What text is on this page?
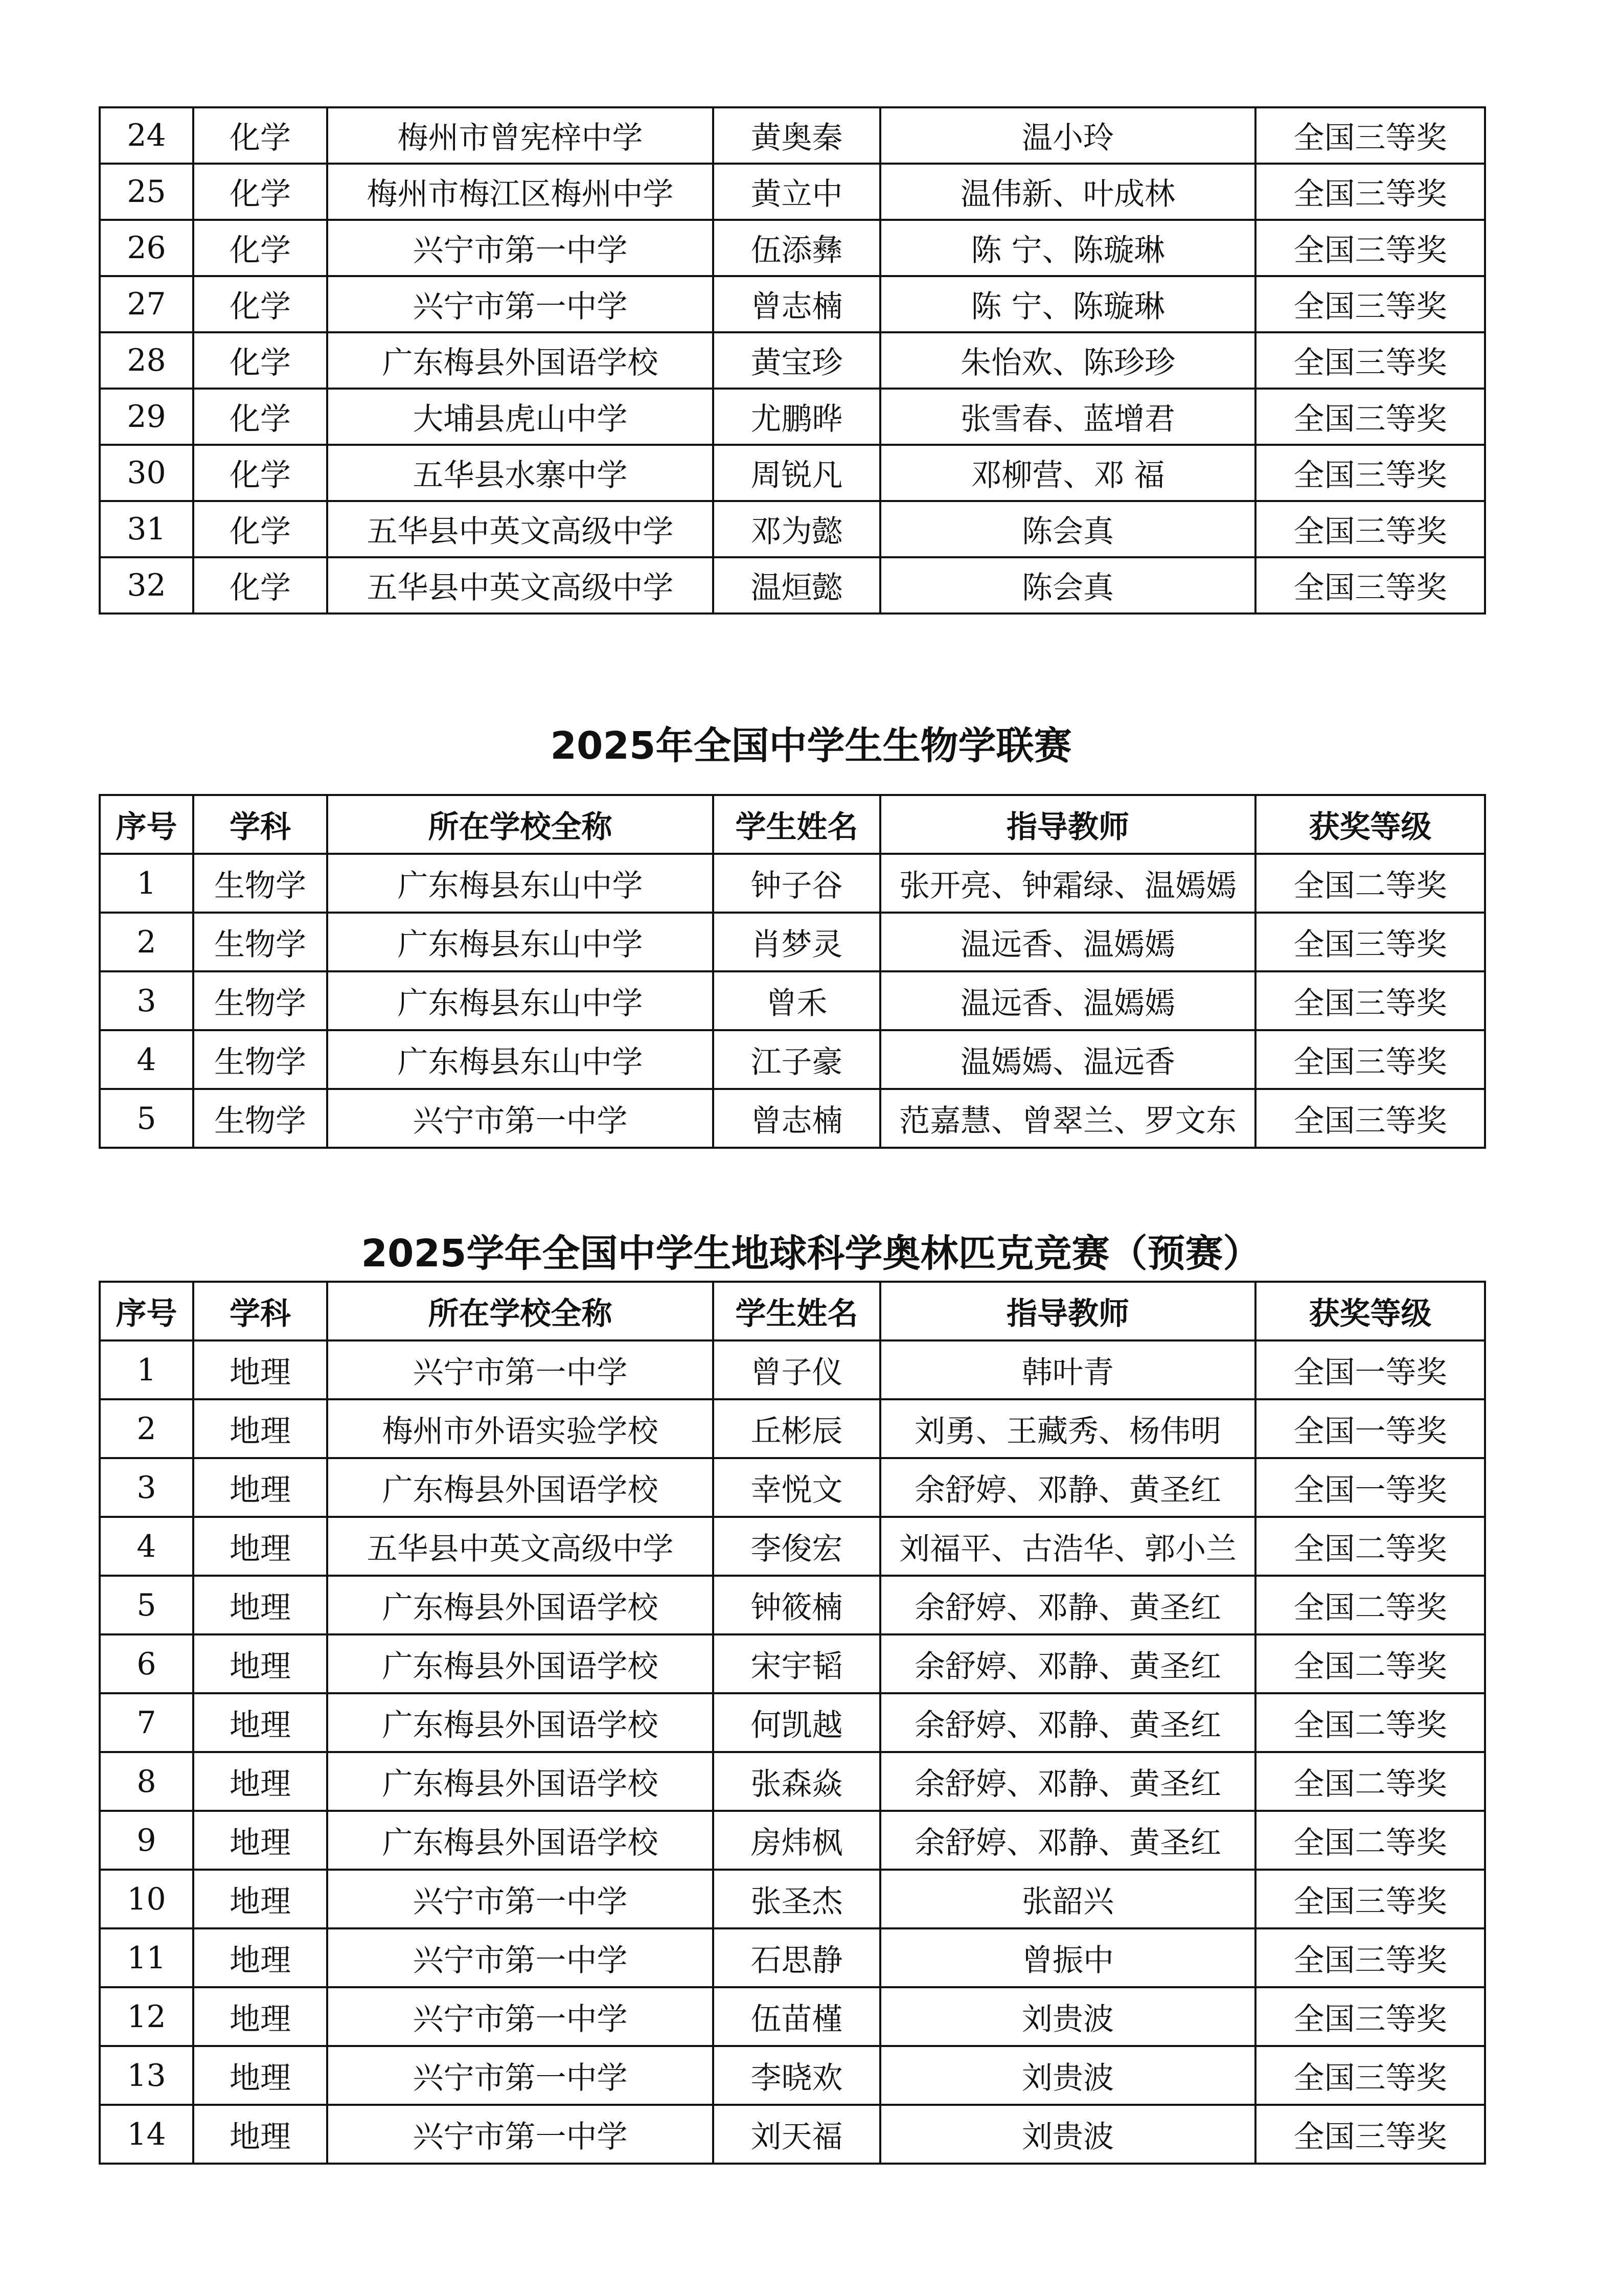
24	化学	梅州市曾宪梓中学	黄奥秦	温小玲	全国三等奖
25	化学	梅州市梅江区梅州中学	黄立中	温伟新、叶成林	全国三等奖
26	化学	兴宁市第一中学	伍添彝	陈 宁、陈璇琳	全国三等奖
27	化学	兴宁市第一中学	曾志楠	陈 宁、陈璇琳	全国三等奖
28	化学	广东梅县外国语学校	黄宝珍	朱怡欢、陈珍珍	全国三等奖
29	化学	大埔县虎山中学	尤鹏晔	张雪春、蓝增君	全国三等奖
30	化学	五华县水寨中学	周锐凡	邓柳营、邓 福	全国三等奖
31	化学	五华县中英文高级中学	邓为懿	陈会真	全国三等奖
32	化学	五华县中英文高级中学	温烜懿	陈会真	全国三等奖
2025年全国中学生生物学联赛
序号	学科	所在学校全称	学生姓名	指导教师	获奖等级
1	生物学	广东梅县东山中学	钟子谷	张开亮、钟霜绿、温嫣嫣	全国二等奖
2	生物学	广东梅县东山中学	肖梦灵	温远香、温嫣嫣	全国三等奖
3	生物学	广东梅县东山中学	曾禾	温远香、温嫣嫣	全国三等奖
4	生物学	广东梅县东山中学	江子豪	温嫣嫣、温远香	全国三等奖
5	生物学	兴宁市第一中学	曾志楠	范嘉慧、曾翠兰、罗文东	全国三等奖
2025学年全国中学生地球科学奥林匹克竞赛（预赛）
序号	学科	所在学校全称	学生姓名	指导教师	获奖等级
1	地理	兴宁市第一中学	曾子仪	韩叶青	全国一等奖
2	地理	梅州市外语实验学校	丘彬辰	刘勇、王藏秀、杨伟明	全国一等奖
3	地理	广东梅县外国语学校	幸悦文	余舒婷、邓静、黄圣红	全国一等奖
4	地理	五华县中英文高级中学	李俊宏	刘福平、古浩华、郭小兰	全国二等奖
5	地理	广东梅县外国语学校	钟筱楠	余舒婷、邓静、黄圣红	全国二等奖
6	地理	广东梅县外国语学校	宋宇韬	余舒婷、邓静、黄圣红	全国二等奖
7	地理	广东梅县外国语学校	何凯越	余舒婷、邓静、黄圣红	全国二等奖
8	地理	广东梅县外国语学校	张森焱	余舒婷、邓静、黄圣红	全国二等奖
9	地理	广东梅县外国语学校	房炜枫	余舒婷、邓静、黄圣红	全国二等奖
10	地理	兴宁市第一中学	张圣杰	张韶兴	全国三等奖
11	地理	兴宁市第一中学	石思静	曾振中	全国三等奖
12	地理	兴宁市第一中学	伍苗槿	刘贵波	全国三等奖
13	地理	兴宁市第一中学	李晓欢	刘贵波	全国三等奖
14	地理	兴宁市第一中学	刘天福	刘贵波	全国三等奖
